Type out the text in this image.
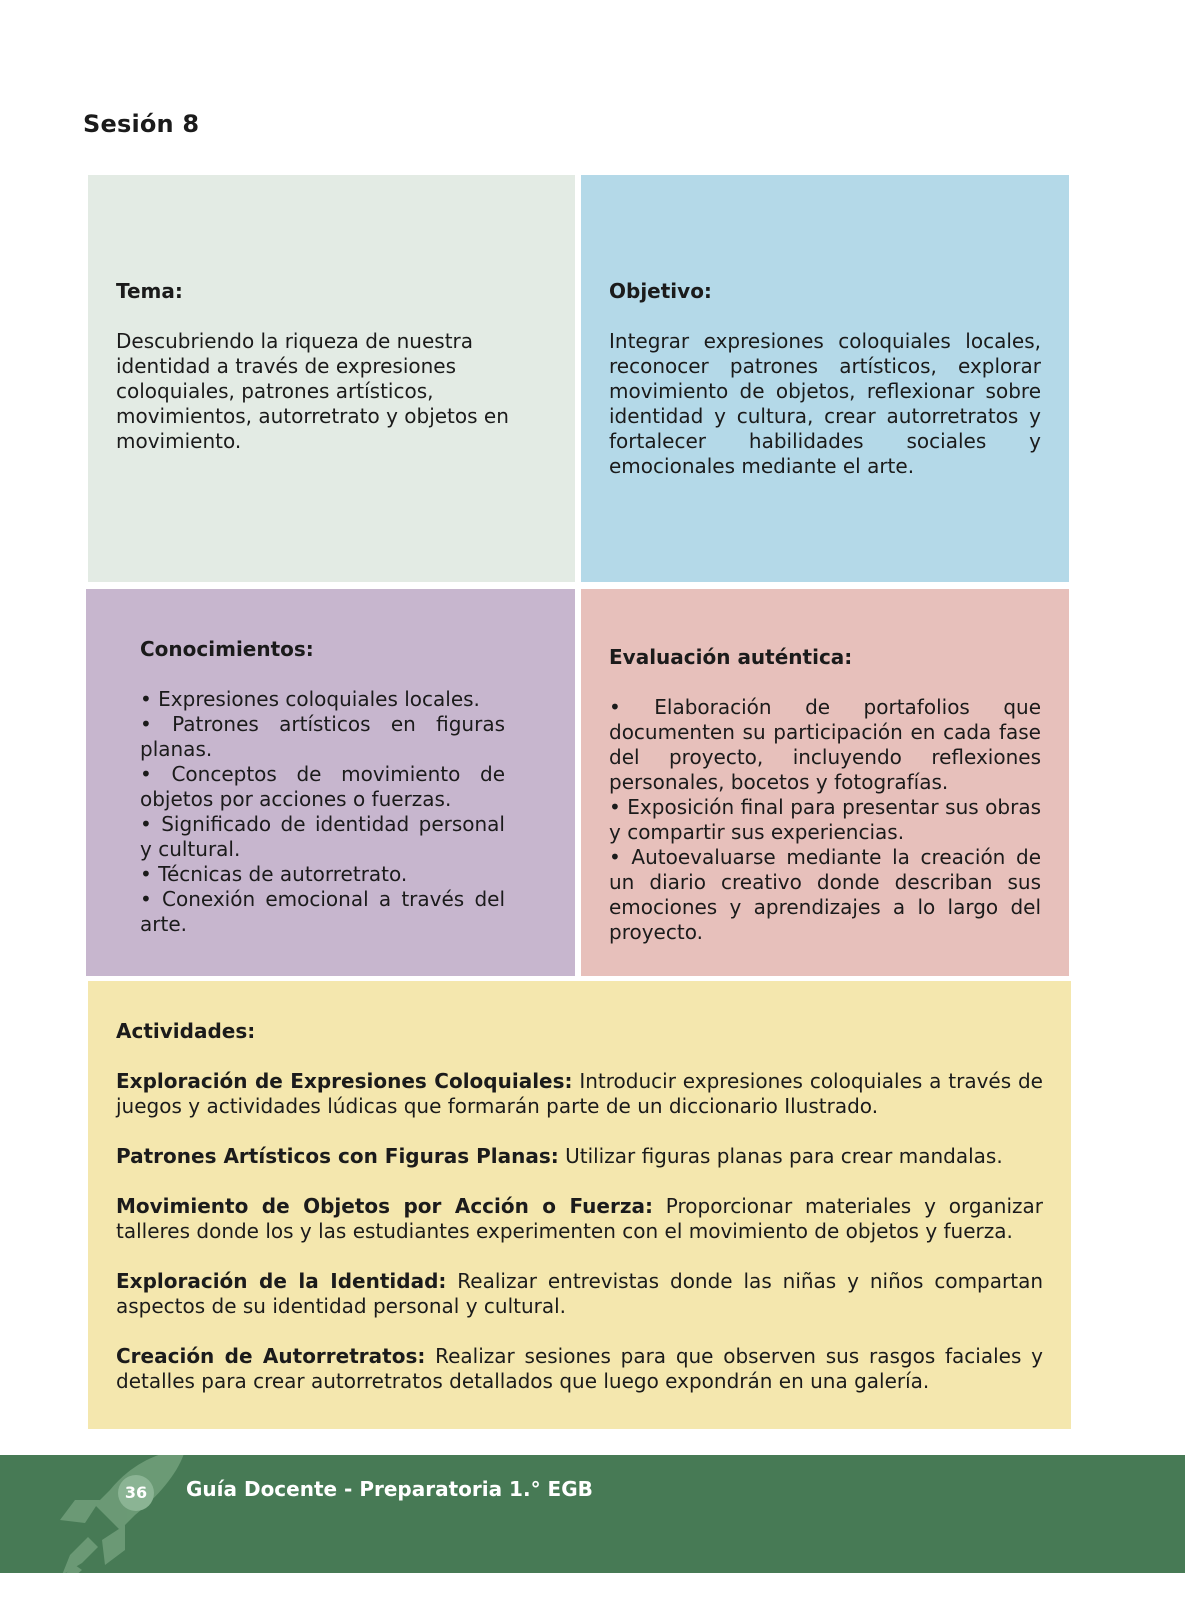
Sesión 8

Tema:

Descubriendo la riqueza de nuestra identidad a través de expresiones coloquiales, patrones artísticos, movimientos, autorretrato y objetos en movimiento.

Objetivo:

Integrar expresiones coloquiales locales, reconocer patrones artísticos, explorar movimiento de objetos, reflexionar sobre identidad y cultura, crear autorretratos y fortalecer habilidades sociales y emocionales mediante el arte.

Conocimientos:

• Expresiones coloquiales locales.

• Patrones artísticos en figuras planas.

• Conceptos de movimiento de objetos por acciones o fuerzas.

• Significado de identidad personal y cultural.

• Técnicas de autorretrato.

• Conexión emocional a través del arte.

Evaluación auténtica:

• Elaboración de portafolios que documenten su participación en cada fase del proyecto, incluyendo reflexiones personales, bocetos y fotografías.

• Exposición final para presentar sus obras y compartir sus experiencias.

• Autoevaluarse mediante la creación de un diario creativo donde describan sus emociones y aprendizajes a lo largo del proyecto.

Actividades:

Exploración de Expresiones Coloquiales: Introducir expresiones coloquiales a través de juegos y actividades lúdicas que formarán parte de un diccionario Ilustrado.

Patrones Artísticos con Figuras Planas: Utilizar figuras planas para crear mandalas.

Movimiento de Objetos por Acción o Fuerza: Proporcionar materiales y organizar talleres donde los y las estudiantes experimenten con el movimiento de objetos y fuerza.

Exploración de la Identidad: Realizar entrevistas donde las niñas y niños compartan aspectos de su identidad personal y cultural.

Creación de Autorretratos: Realizar sesiones para que observen sus rasgos faciales y detalles para crear autorretratos detallados que luego expondrán en una galería.

36	Guía Docente - Preparatoria 1.° EGB
